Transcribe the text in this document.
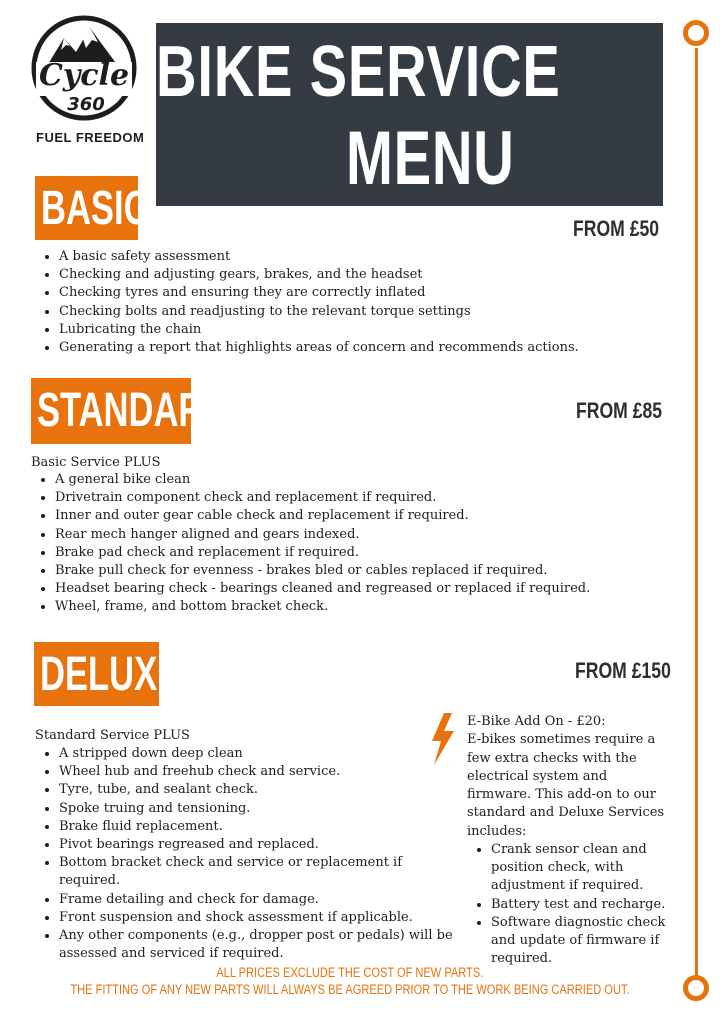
Cycle
360
FUEL FREEDOM
BIKE SERVICE
MENU
BASIC	FROM £50
• A basic safety assessment
• Checking and adjusting gears, brakes, and the headset
• Checking tyres and ensuring they are correctly inflated
• Checking bolts and readjusting to the relevant torque settings
• Lubricating the chain
• Generating a report that highlights areas of concern and recommends actions.
STANDARD	FROM £85
Basic Service PLUS
• A general bike clean
• Drivetrain component check and replacement if required.
• Inner and outer gear cable check and replacement if required.
• Rear mech hanger aligned and gears indexed.
• Brake pad check and replacement if required.
• Brake pull check for evenness - brakes bled or cables replaced if required.
• Headset bearing check - bearings cleaned and regreased or replaced if required.
• Wheel, frame, and bottom bracket check.
DELUXE	FROM £150
Standard Service PLUS
• A stripped down deep clean
• Wheel hub and freehub check and service.
• Tyre, tube, and sealant check.
• Spoke truing and tensioning.
• Brake fluid replacement.
• Pivot bearings regreased and replaced.
• Bottom bracket check and service or replacement if required.
• Frame detailing and check for damage.
• Front suspension and shock assessment if applicable.
• Any other components (e.g., dropper post or pedals) will be assessed and serviced if required.

E-Bike Add On - £20:

E-bikes sometimes require a few extra checks with the electrical system and firmware. This add-on to our standard and Deluxe Services includes:

• Crank sensor clean and position check, with adjustment if required.
• Battery test and recharge.
• Software diagnostic check and update of firmware if required.
ALL PRICES EXCLUDE THE COST OF NEW PARTS.
THE FITTING OF ANY NEW PARTS WILL ALWAYS BE AGREED PRIOR TO THE WORK BEING CARRIED OUT.
